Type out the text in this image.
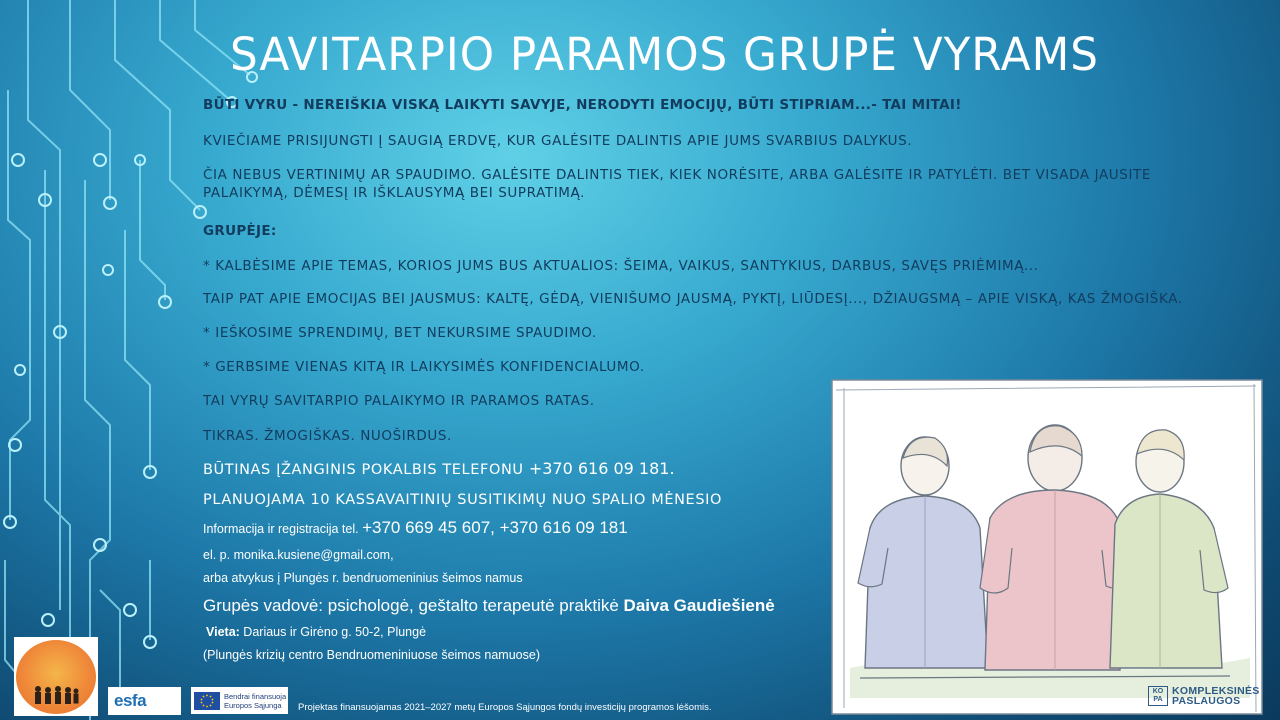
SAVITARPIO PARAMOS GRUPĖ VYRAMS
BŪTI VYRU - NEREIŠKIA VISKĄ LAIKYTI SAVYJE, NERODYTI EMOCIJŲ, BŪTI STIPRIAM...- TAI MITAI!
KVIEČIAME PRISIJUNGTI Į SAUGIĄ ERDVĘ, KUR GALĖSITE DALINTIS APIE JUMS SVARBIUS DALYKUS.
ČIA NEBUS VERTINIMŲ AR SPAUDIMO. GALĖSITE DALINTIS TIEK, KIEK NORĖSITE, ARBA GALĖSITE IR PATYLĖTI. BET VISADA JAUSITE PALAIKYMĄ, DĖMESĮ IR IŠKLAUSYMĄ BEI SUPRATIMĄ.
GRUPĖJE:
* KALBĖSIME APIE TEMAS, KORIOS JUMS BUS AKTUALIOS: ŠEIMA, VAIKUS, SANTYKIUS, DARBUS, SAVĘS PRIĖMIMĄ...
TAIP PAT APIE EMOCIJAS BEI JAUSMUS: KALTĘ, GĖDĄ, VIENIŠUMO JAUSMĄ, PYKTĮ, LIŪDESĮ..., DŽIAUGSMĄ – APIE VISKĄ, KAS ŽMOGIŠKA.
* IEŠKOSIME SPRENDIMŲ, BET NEKURSIME SPAUDIMO.
* GERBSIME VIENAS KITĄ IR LAIKYSIMĖS KONFIDENCIALUMO.
TAI VYRŲ SAVITARPIO PALAIKYMO IR PARAMOS RATAS.
TIKRAS. ŽMOGIŠKAS. NUOŠIRDUS.
BŪTINAS ĮŽANGINIS POKALBIS TELEFONU +370 616 09 181.
PLANUOJAMA 10 KASSAVAITINIŲ SUSITIKIMŲ NUO SPALIO MĖNESIO
Informacija ir registracija tel. +370 669 45 607, +370 616 09 181
el. p. monika.kusiene@gmail.com,
arba atvykus į Plungės r. bendruomeninius šeimos namus
Grupės vadovė: psichologė, geštalto terapeutė praktikė Daiva Gaudiešienė
Vieta: Dariaus ir Girėno g. 50-2, Plungė
(Plungės krizių centro Bendruomeniniuose šeimos namuose)
KO PA
KOMPLEKSINĖS
PASLAUGOS
esfa	Bendrai finansuoja
Europos Sąjunga	Projektas finansuojamas 2021–2027 metų Europos Sąjungos fondų investicijų programos lėšomis.
